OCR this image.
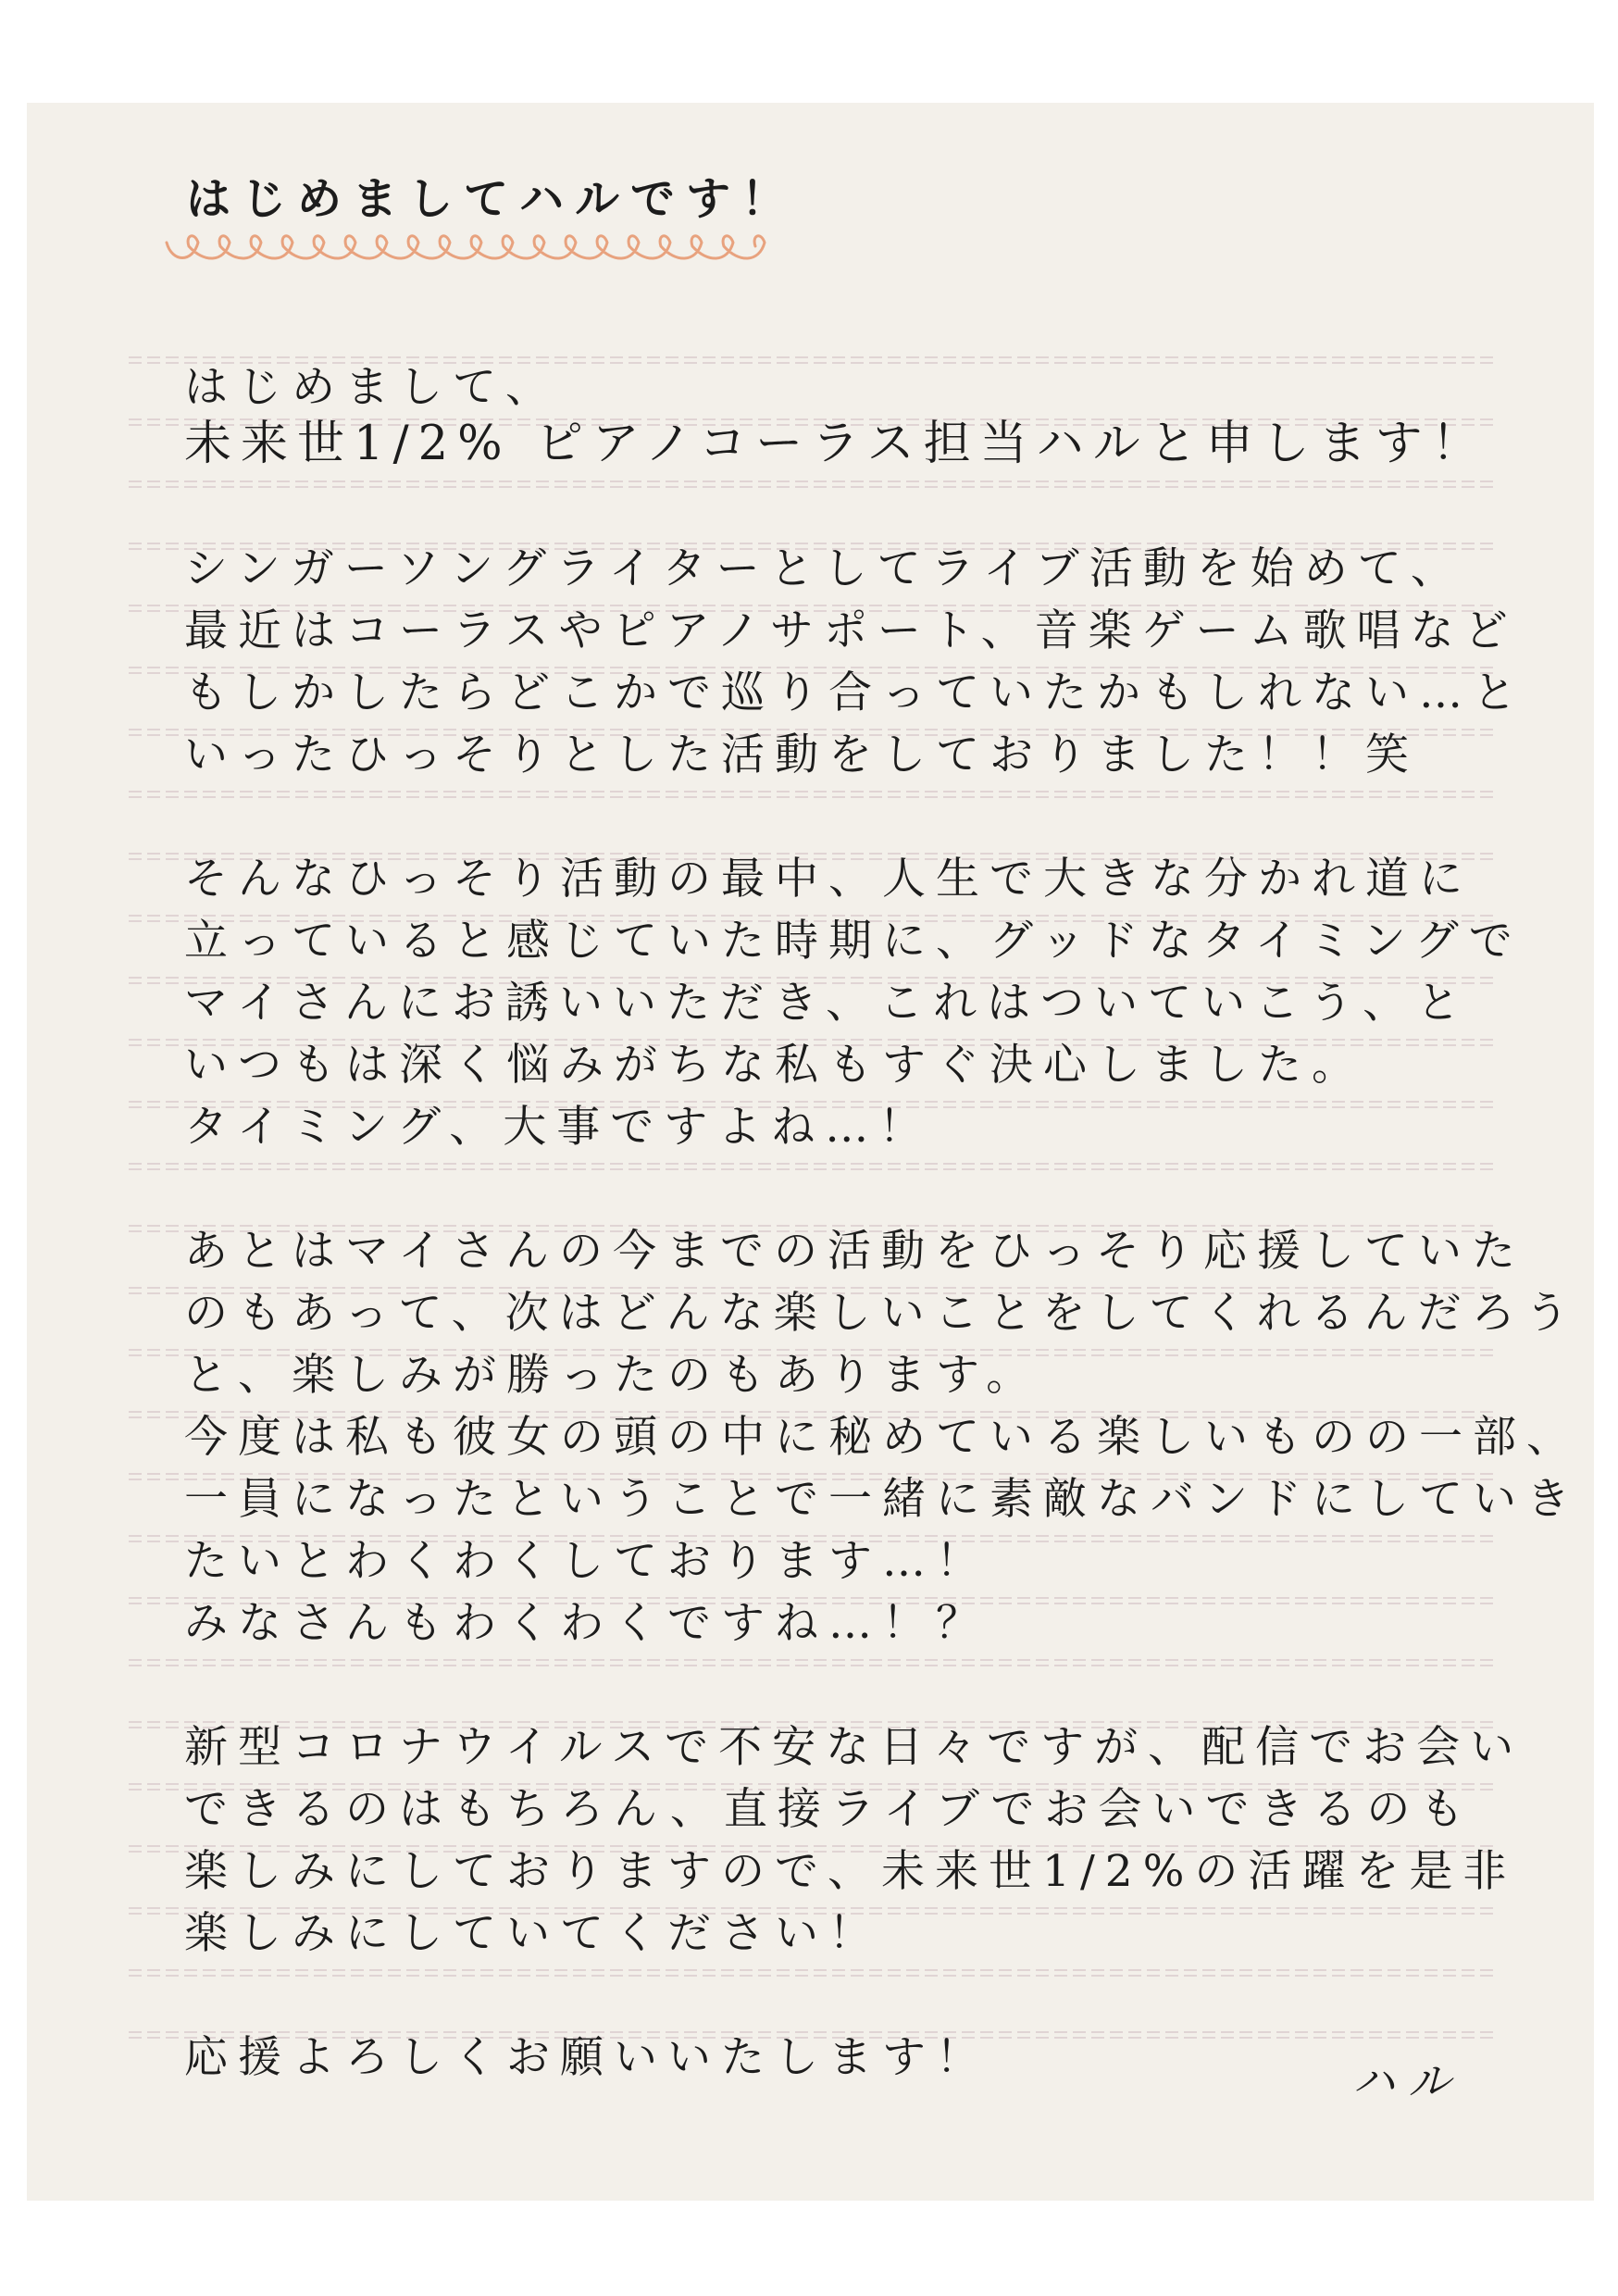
はじめましてハルです！
はじめまして、
未来世1/2% ピアノコーラス担当ハルと申します！
シンガーソングライターとしてライブ活動を始めて、
最近はコーラスやピアノサポート、音楽ゲーム歌唱など
もしかしたらどこかで巡り合っていたかもしれない…と
いったひっそりとした活動をしておりました！！笑
そんなひっそり活動の最中、人生で大きな分かれ道に
立っていると感じていた時期に、グッドなタイミングで
マイさんにお誘いいただき、これはついていこう、と
いつもは深く悩みがちな私もすぐ決心しました。
タイミング、大事ですよね…！
あとはマイさんの今までの活動をひっそり応援していた
のもあって、次はどんな楽しいことをしてくれるんだろう
と、楽しみが勝ったのもあります。
今度は私も彼女の頭の中に秘めている楽しいものの一部、
一員になったということで一緒に素敵なバンドにしていき
たいとわくわくしております…！
みなさんもわくわくですね…！？
新型コロナウイルスで不安な日々ですが、配信でお会い
できるのはもちろん、直接ライブでお会いできるのも
楽しみにしておりますので、未来世1/2%の活躍を是非
楽しみにしていてください！
応援よろしくお願いいたします！	ハル
